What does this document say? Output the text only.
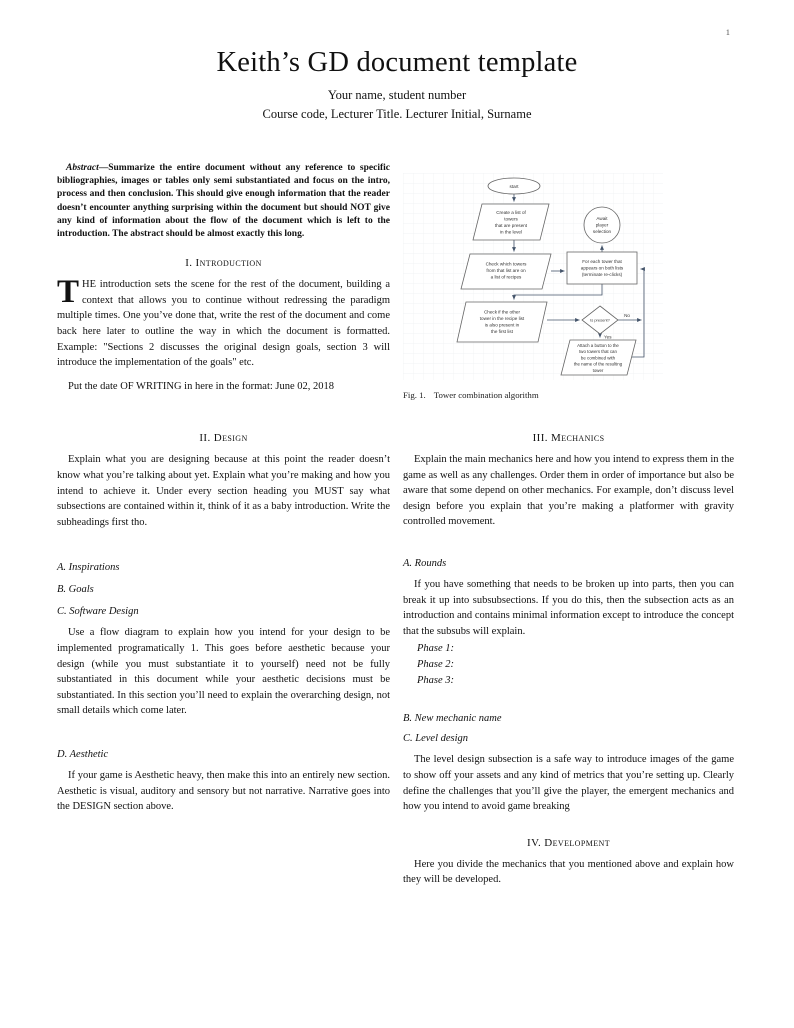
1
Keith’s GD document template
Your name, student number
Course code, Lecturer Title. Lecturer Initial, Surname

Abstract—Summarize the entire document without any reference to specific bibliographies, images or tables only semi substantiated and focus on the intro, process and then conclusion. This should give enough information that the reader doesn’t encounter anything surprising within the document but should NOT give any kind of information about the flow of the document which is left to the introduction. The abstract should be almost exactly this long.

I. Introduction

THE introduction sets the scene for the rest of the document, building a context that allows you to continue without redressing the paradigm multiple times. One you’ve done that, write the rest of the document and come back here later to outline the way in which the document is formatted. Example: "Sections 2 discusses the original design goals, section 3 will introduce the implementation of the goals" etc.

Put the date OF WRITING in here in the format: June 02, 2018

II. Design

Explain what you are designing because at this point the reader doesn’t know what you’re talking about yet. Explain what you’re making and how you intend to achieve it. Under every section heading you MUST say what subsections are contained within it, think of it as a baby introduction. Write the subheadings first tho.

A. Inspirations
B. Goals
C. Software Design

Use a flow diagram to explain how you intend for your design to be implemented programatically 1. This goes before aesthetic because your design (while you must substantiate it to yourself) need not be fully substantiated in this document while your aesthetic decisions must be substantiated. In this section you’ll need to explain the overarching design, not small details which come later.

D. Aesthetic

If your game is Aesthetic heavy, then make this into an entirely new section. Aesthetic is visual, auditory and sensory but not narrative. Narrative goes into the DESIGN section above.

start
Create a list of
towers
that are present
in the level
Await
player
selection
Check which towers
from that list are on
a list of recipes
For each tower that
appears on both lists
(terminate re-clicks)
Check if the other
tower in the recipe list
is also present in
the first list
Is present?
Yes
No
Attach a button to the
two towers that can
be combined with
the name of the resulting
tower
Fig. 1. Tower combination algorithm
III. Mechanics

Explain the main mechanics here and how you intend to express them in the game as well as any challenges. Order them in order of importance but also be aware that some depend on other mechanics. For example, don’t discuss level design before you explain that you’re making a platformer with gravity controlled movement.

A. Rounds

If you have something that needs to be broken up into parts, then you can break it up into subsubsections. If you do this, then the subsection acts as an introduction and contains minimal information except to introduce the concept that the subsubs will explain.

Phase 1:
Phase 2:
Phase 3:
B. New mechanic name
C. Level design

The level design subsection is a safe way to introduce images of the game to show off your assets and any kind of metrics that you’re setting up. Clearly define the challenges that you’ll give the player, the emergent mechanics and how you intend to avoid game breaking

IV. Development

Here you divide the mechanics that you mentioned above and explain how they will be developed.
